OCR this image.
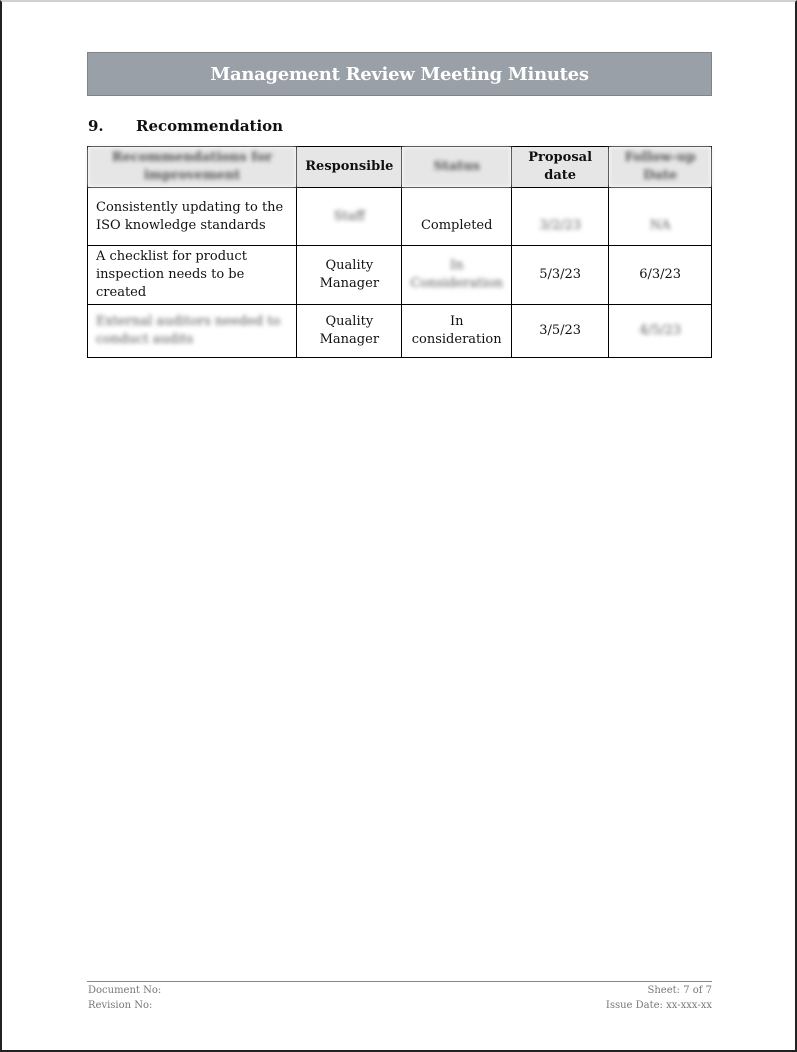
Management Review Meeting Minutes
9.	Recommendation
Recommendations for improvement	Responsible	Status	Proposal date	Follow-up Date
Consistently updating to the ISO knowledge standards	Staff	Completed	3/2/23	NA
A checklist for product inspection needs to be created	Quality Manager	In Consideration	5/3/23	6/3/23
External auditors needed to conduct audits	Quality Manager	In consideration	3/5/23	4/5/23
Document No:	Sheet: 7 of 7
Revision No:	Issue Date: xx-xxx-xx
